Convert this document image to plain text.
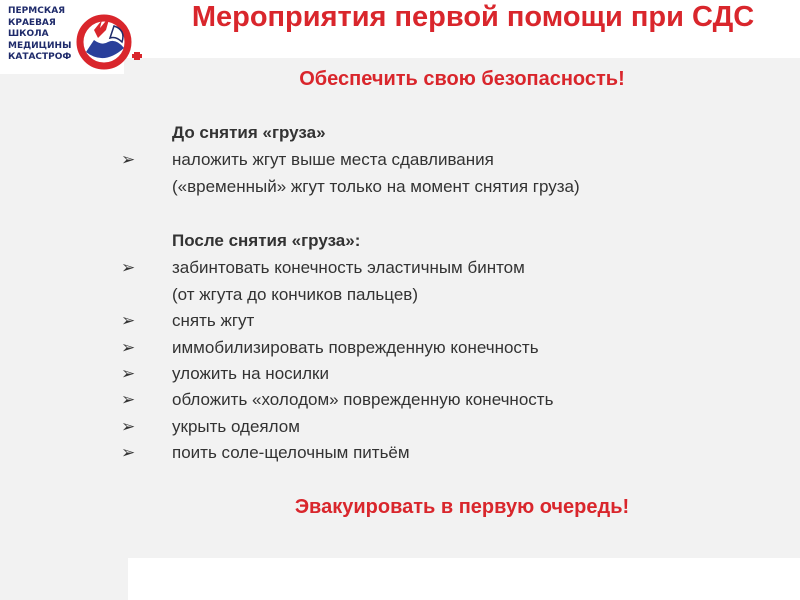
ПЕРМСКАЯ
КРАЕВАЯ
ШКОЛА
МЕДИЦИНЫ
КАТАСТРОФ
Мероприятия первой помощи при СДС
Обеспечить свою безопасность!
До снятия «груза»
➢ наложить жгут выше места сдавливания
(«временный» жгут только на момент снятия груза)
После снятия «груза»:
➢ забинтовать конечность эластичным бинтом
(от жгута до кончиков пальцев)
➢ снять жгут
➢ иммобилизировать поврежденную конечность
➢ уложить на носилки
➢ обложить «холодом» поврежденную конечность
➢ укрыть одеялом
➢ поить соле-щелочным питьём
Эвакуировать в первую очередь!
